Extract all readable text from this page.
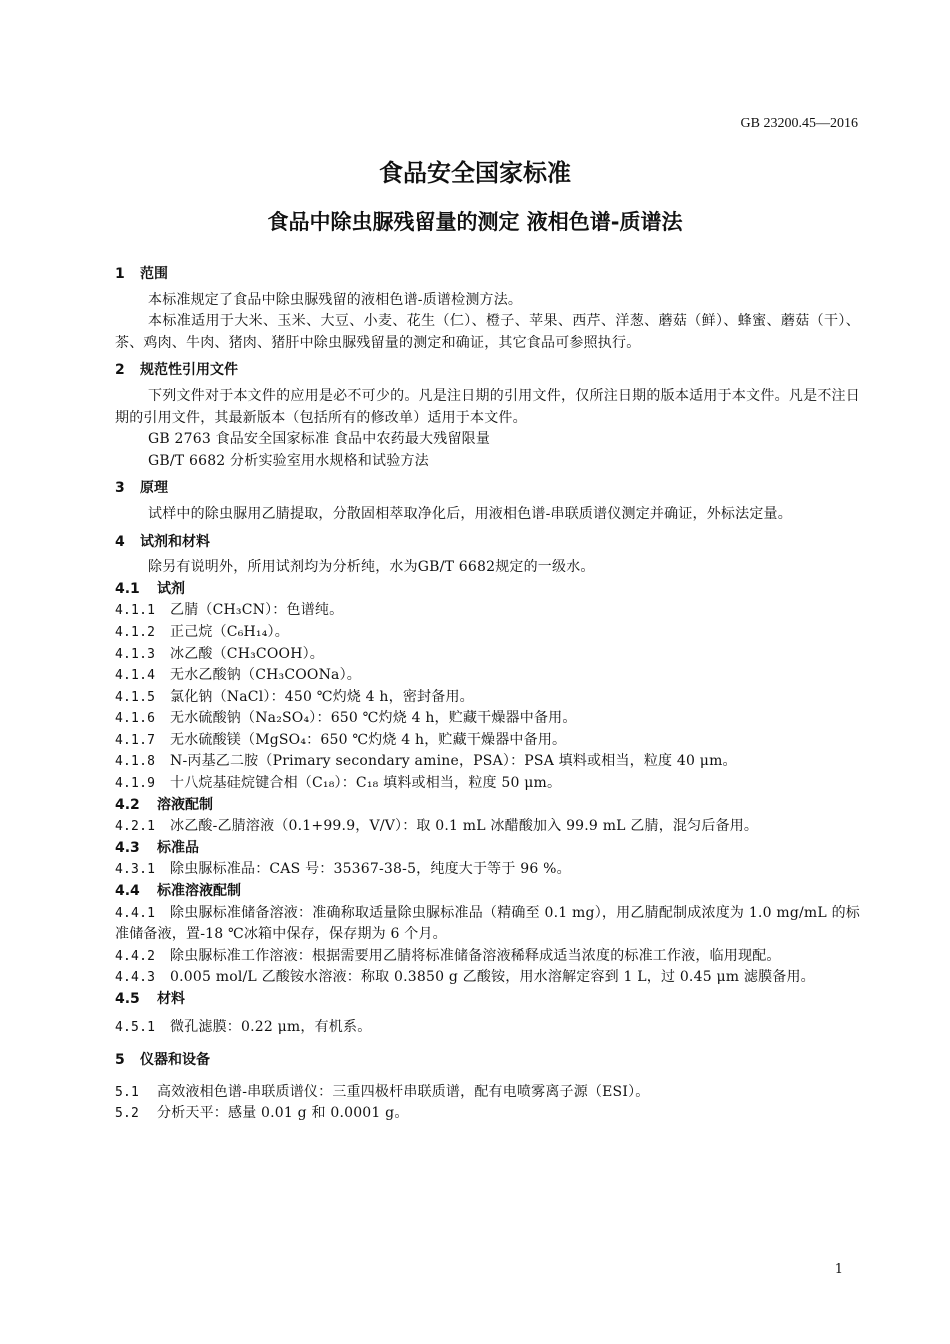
GB 23200.45—2016
食品安全国家标准
食品中除虫脲残留量的测定 液相色谱-质谱法
1 范围
本标准规定了食品中除虫脲残留的液相色谱-质谱检测方法。
本标准适用于大米、玉米、大豆、小麦、花生（仁）、橙子、苹果、西芹、洋葱、蘑菇（鲜）、蜂蜜、蘑菇（干）、茶、鸡肉、牛肉、猪肉、猪肝中除虫脲残留量的测定和确证，其它食品可参照执行。
2 规范性引用文件
下列文件对于本文件的应用是必不可少的。凡是注日期的引用文件，仅所注日期的版本适用于本文件。凡是不注日期的引用文件，其最新版本（包括所有的修改单）适用于本文件。
GB 2763 食品安全国家标准 食品中农药最大残留限量
GB/T 6682 分析实验室用水规格和试验方法
3 原理
试样中的除虫脲用乙腈提取，分散固相萃取净化后，用液相色谱-串联质谱仪测定并确证，外标法定量。
4 试剂和材料
除另有说明外，所用试剂均为分析纯，水为GB/T 6682规定的一级水。
4.1 试剂
4.1.1 乙腈（CH₃CN）：色谱纯。
4.1.2 正己烷（C₆H₁₄）。
4.1.3 冰乙酸（CH₃COOH）。
4.1.4 无水乙酸钠（CH₃COONa）。
4.1.5 氯化钠（NaCl）：450 ℃灼烧 4 h，密封备用。
4.1.6 无水硫酸钠（Na₂SO₄）：650 ℃灼烧 4 h，贮藏干燥器中备用。
4.1.7 无水硫酸镁（MgSO₄：650 ℃灼烧 4 h，贮藏干燥器中备用。
4.1.8 N-丙基乙二胺（Primary secondary amine，PSA）：PSA 填料或相当，粒度 40 μm。
4.1.9 十八烷基硅烷键合相（C₁₈）：C₁₈ 填料或相当，粒度 50 μm。
4.2 溶液配制
4.2.1 冰乙酸-乙腈溶液（0.1+99.9，V/V）：取 0.1 mL 冰醋酸加入 99.9 mL 乙腈，混匀后备用。
4.3 标准品
4.3.1 除虫脲标准品：CAS 号：35367-38-5，纯度大于等于 96 %。
4.4 标准溶液配制
4.4.1 除虫脲标准储备溶液：准确称取适量除虫脲标准品（精确至 0.1 mg），用乙腈配制成浓度为 1.0 mg/mL 的标准储备液，置-18 ℃冰箱中保存，保存期为 6 个月。
4.4.2 除虫脲标准工作溶液：根据需要用乙腈将标准储备溶液稀释成适当浓度的标准工作液，临用现配。
4.4.3 0.005 mol/L 乙酸铵水溶液：称取 0.3850 g 乙酸铵，用水溶解定容到 1 L，过 0.45 μm 滤膜备用。
4.5 材料
4.5.1 微孔滤膜：0.22 μm，有机系。
5 仪器和设备
5.1 高效液相色谱-串联质谱仪：三重四极杆串联质谱，配有电喷雾离子源（ESI）。
5.2 分析天平：感量 0.01 g 和 0.0001 g。
1
